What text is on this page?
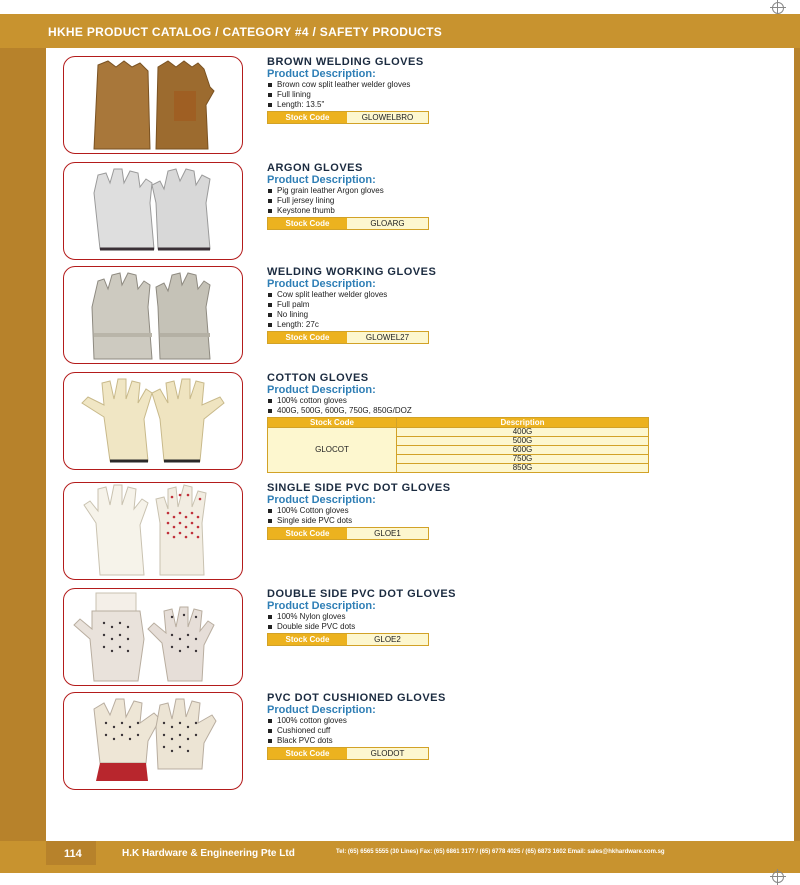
HKHE PRODUCT CATALOG / CATEGORY #4 / SAFETY PRODUCTS
BROWN WELDING GLOVES
Product Description:
Brown cow split leather welder gloves
Full lining
Length: 13.5"
Stock Code	GLOWELBRO
ARGON GLOVES
Product Description:
Pig grain leather Argon gloves
Full jersey lining
Keystone thumb
Stock Code	GLOARG
WELDING WORKING GLOVES
Product Description:
Cow split leather welder gloves
Full palm
No lining
Length: 27c
Stock Code	GLOWEL27
COTTON GLOVES
Product Description:
100% cotton gloves
400G, 500G, 600G, 750G, 850G/DOZ
Stock Code	Description
GLOCOT	400G
	500G
	600G
	750G
	850G
SINGLE SIDE PVC DOT GLOVES
Product Description:
100% Cotton gloves
Single side PVC dots
Stock Code	GLOE1
DOUBLE SIDE PVC DOT GLOVES
Product Description:
100% Nylon gloves
Double side PVC dots
Stock Code	GLOE2
PVC DOT CUSHIONED GLOVES
Product Description:
100% cotton gloves
Cushioned cuff
Black PVC dots
Stock Code	GLODOT
114	H.K Hardware & Engineering Pte Ltd	Tel: (65) 6565 5555 (30 Lines) Fax: (65) 6861 3177 / (65) 6778 4025 / (65) 6873 1602 Email: sales@hkhardware.com.sg
